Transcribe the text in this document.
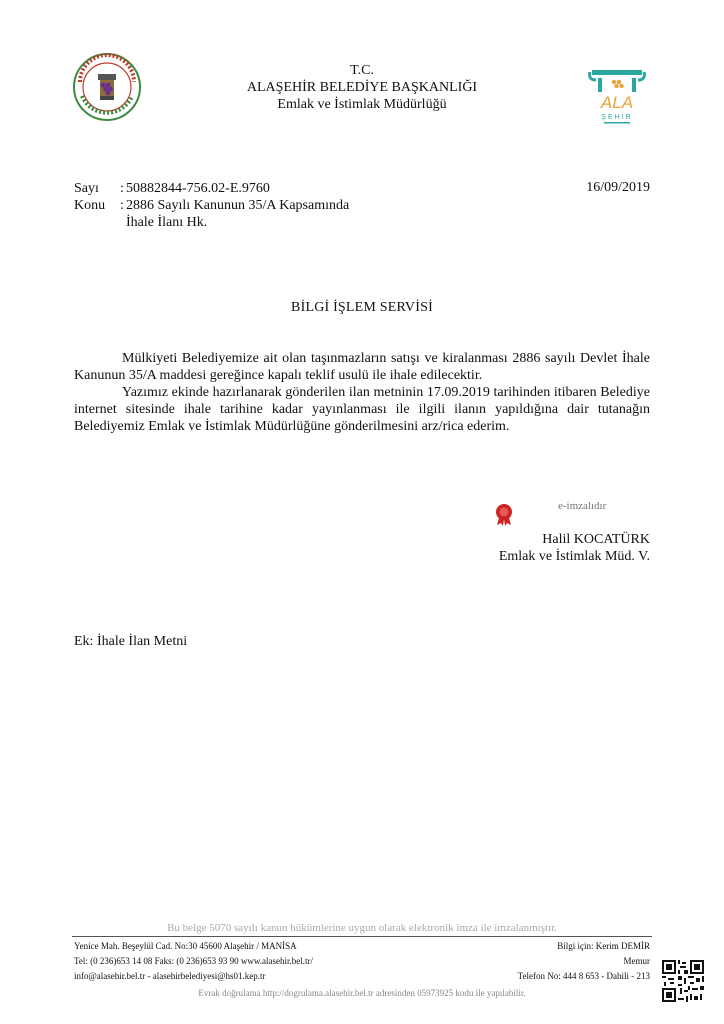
ALA
ŞEHİR
T.C.
ALAŞEHİR BELEDİYE BAŞKANLIĞI
Emlak ve İstimlak Müdürlüğü
Sayı : 50882844-756.02-E.9760
Konu : 2886 Sayılı Kanunun 35/A Kapsamında
İhale İlanı Hk.
16/09/2019
BİLGİ İŞLEM SERVİSİ
Mülkiyeti Belediyemize ait olan taşınmazların satışı ve kiralanması 2886 sayılı Devlet İhale Kanunun 35/A maddesi gereğince kapalı teklif usulü ile ihale edilecektir.
Yazımız ekinde hazırlanarak gönderilen ilan metninin 17.09.2019 tarihinden itibaren Belediye internet sitesinde ihale tarihine kadar yayınlanması ile ilgili ilanın yapıldığına dair tutanağın Belediyemiz Emlak ve İstimlak Müdürlüğüne gönderilmesini arz/rica ederim.
e-imzalıdır
Halil KOCATÜRK
Emlak ve İstimlak Müd. V.
Ek: İhale İlan Metni
Bu belge 5070 sayılı kanun hükümlerine uygun olarak elektronik imza ile imzalanmıştır.
Yenice Mah. Beşeylül Cad. No:30 45600 Alaşehir / MANİSA
Tel: (0 236)653 14 08 Faks: (0 236)653 93 90 www.alasehir.bel.tr/
info@alasehir.bel.tr - alasehirbelediyesi@hs01.kep.tr
Bilgi için: Kerim DEMİR
Memur
Telefon No: 444 8 653 - Dahili - 213
Evrak doğrulama http://dogrulama.alasehir.bel.tr adresinden 05973925 kodu ile yapılabilir.
